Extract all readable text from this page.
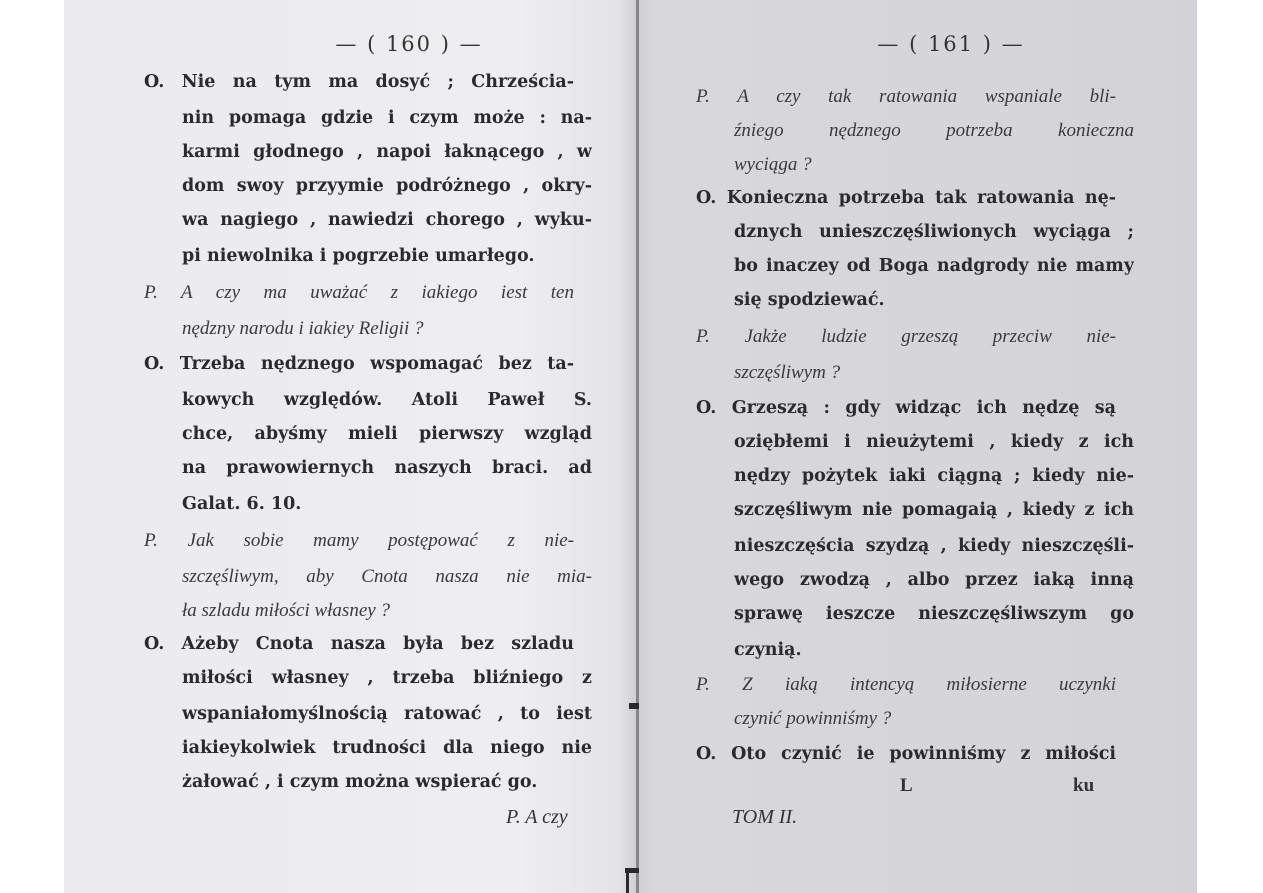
— ( 160 ) —
O. Nie na tym ma dosyć ; Chrześcia-
nin pomaga gdzie i czym może : na-
karmi głodnego , napoi łaknącego , w
dom swoy przyymie podróżnego , okry-
wa nagiego , nawiedzi chorego , wyku-
pi niewolnika i pogrzebie umarłego.
P. A czy ma uważać z iakiego iest ten
nędzny narodu i iakiey Religii ?
O. Trzeba nędznego wspomagać bez ta-
kowych względów. Atoli Paweł S.
chce, abyśmy mieli pierwszy wzgląd
na prawowiernych naszych braci. ad
Galat. 6. 10.
P. Jak sobie mamy postępować z nie-
szczęśliwym, aby Cnota nasza nie mia-
ła szladu miłości własney ?
O. Ażeby Cnota nasza była bez szladu
miłości własney , trzeba bliźniego z
wspaniałomyślnością ratować , to iest
iakieykolwiek trudności dla niego nie
żałować , i czym można wspierać go.
P. A czy
— ( 161 ) —
P. A czy tak ratowania wspaniale bli-
źniego nędznego potrzeba konieczna
wyciąga ?
O. Konieczna potrzeba tak ratowania nę-
dznych unieszczęśliwionych wyciąga ;
bo inaczey od Boga nadgrody nie mamy
się spodziewać.
P. Jakże ludzie grzeszą przeciw nie-
szczęśliwym ?
O. Grzeszą : gdy widząc ich nędzę są
oziębłemi i nieużytemi , kiedy z ich
nędzy pożytek iaki ciągną ; kiedy nie-
szczęśliwym nie pomagaią , kiedy z ich
nieszczęścia szydzą , kiedy nieszczęśli-
wego zwodzą , albo przez iaką inną
sprawę ieszcze nieszczęśliwszym go
czynią.
P. Z iaką intencyą miłosierne uczynki
czynić powinniśmy ?
O. Oto czynić ie powinniśmy z miłości
L	ku
TOM II.
